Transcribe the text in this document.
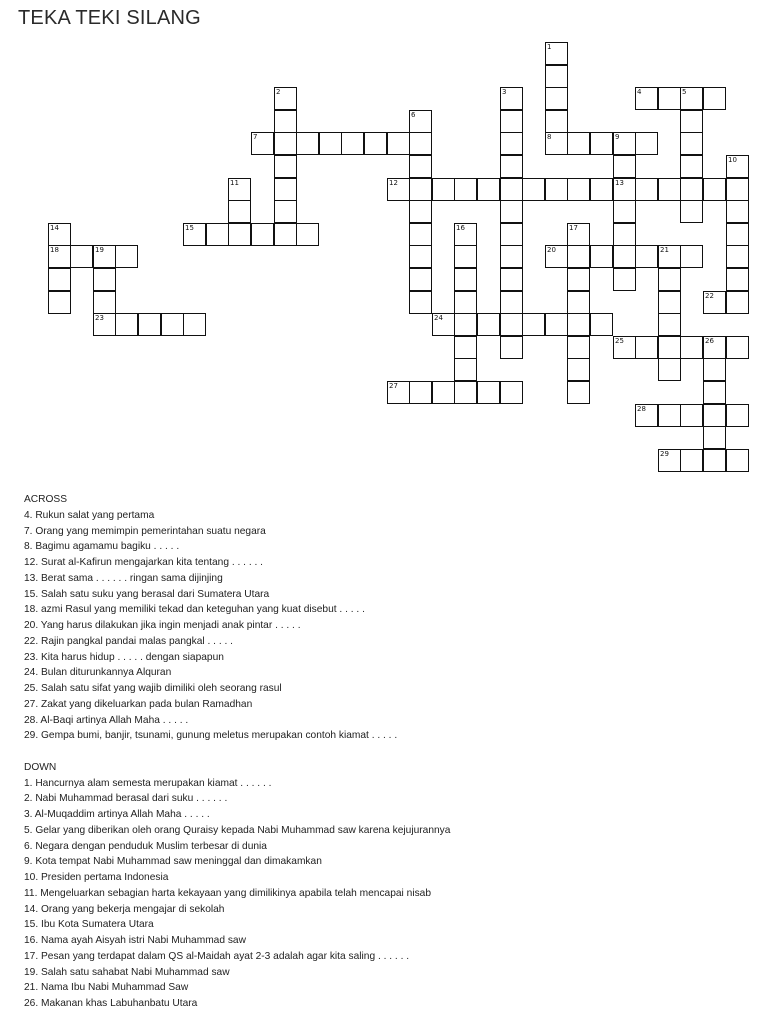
TEKA TEKI SILANG
1
8
2	3	4	5
6
7	9
13
10
11	12
14
18
15	16	17
19
23
20	21
22
24
25	26
27
28
29
ACROSS
4. Rukun salat yang pertama
7. Orang yang memimpin pemerintahan suatu negara
8. Bagimu agamamu bagiku . . . . .
12. Surat al-Kafirun mengajarkan kita tentang . . . . . .
13. Berat sama . . . . . . ringan sama dijinjing
15. Salah satu suku yang berasal dari Sumatera Utara
18. azmi Rasul yang memiliki tekad dan keteguhan yang kuat disebut . . . . .
20. Yang harus dilakukan jika ingin menjadi anak pintar . . . . .
22. Rajin pangkal pandai malas pangkal . . . . .
23. Kita harus hidup . . . . . dengan siapapun
24. Bulan diturunkannya Alquran
25. Salah satu sifat yang wajib dimiliki oleh seorang rasul
27. Zakat yang dikeluarkan pada bulan Ramadhan
28. Al-Baqi artinya Allah Maha . . . . .
29. Gempa bumi, banjir, tsunami, gunung meletus merupakan contoh kiamat . . . . .
DOWN
1. Hancurnya alam semesta merupakan kiamat . . . . . .
2. Nabi Muhammad berasal dari suku . . . . . .
3. Al-Muqaddim artinya Allah Maha . . . . .
5. Gelar yang diberikan oleh orang Quraisy kepada Nabi Muhammad saw karena kejujurannya
6. Negara dengan penduduk Muslim terbesar di dunia
9. Kota tempat Nabi Muhammad saw meninggal dan dimakamkan
10. Presiden pertama Indonesia
11. Mengeluarkan sebagian harta kekayaan yang dimilikinya apabila telah mencapai nisab
14. Orang yang bekerja mengajar di sekolah
15. Ibu Kota Sumatera Utara
16. Nama ayah Aisyah istri Nabi Muhammad saw
17. Pesan yang terdapat dalam QS al-Maidah ayat 2-3 adalah agar kita saling . . . . . .
19. Salah satu sahabat Nabi Muhammad saw
21. Nama Ibu Nabi Muhammad Saw
26. Makanan khas Labuhanbatu Utara
